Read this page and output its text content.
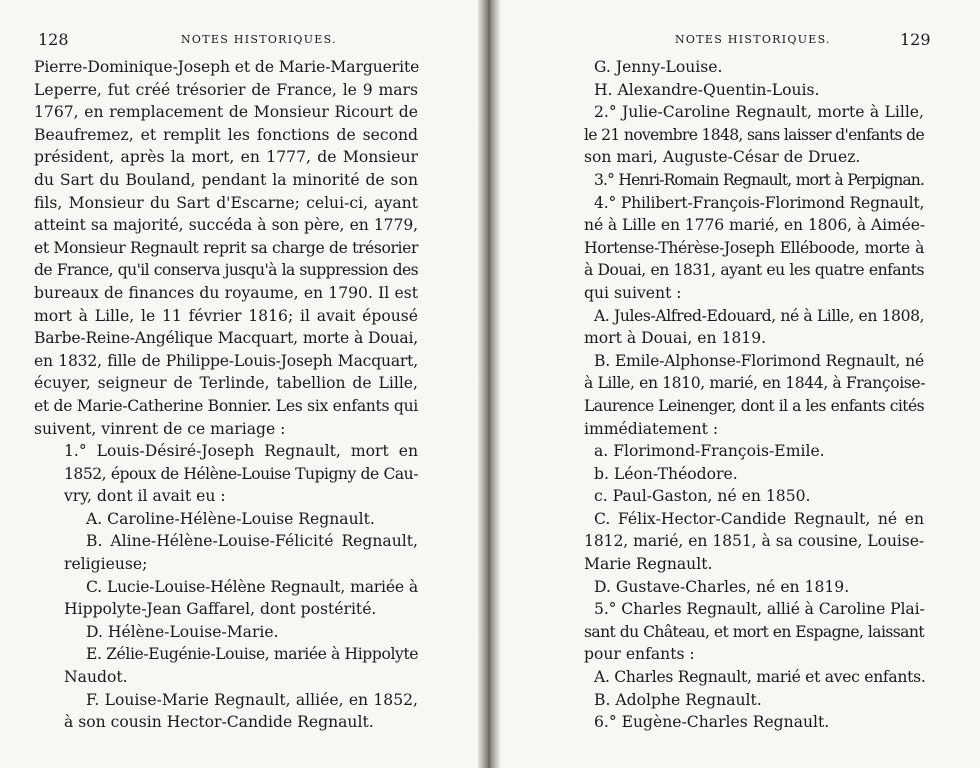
128	NOTES HISTORIQUES.
Pierre-Dominique-Joseph et de Marie-Marguerite
Leperre, fut créé trésorier de France, le 9 mars
1767, en remplacement de Monsieur Ricourt de
Beaufremez, et remplit les fonctions de second
président, après la mort, en 1777, de Monsieur
du Sart du Bouland, pendant la minorité de son
fils, Monsieur du Sart d'Escarne; celui-ci, ayant
atteint sa majorité, succéda à son père, en 1779,
et Monsieur Regnault reprit sa charge de trésorier
de France, qu'il conserva jusqu'à la suppression des
bureaux de finances du royaume, en 1790. Il est
mort à Lille, le 11 février 1816; il avait épousé
Barbe-Reine-Angélique Macquart, morte à Douai,
en 1832, fille de Philippe-Louis-Joseph Macquart,
écuyer, seigneur de Terlinde, tabellion de Lille,
et de Marie-Catherine Bonnier. Les six enfants qui
suivent, vinrent de ce mariage :
1.° Louis-Désiré-Joseph Regnault, mort en
1852, époux de Hélène-Louise Tupigny de Cau-
vry, dont il avait eu :
A. Caroline-Hélène-Louise Regnault.
B. Aline-Hélène-Louise-Félicité Regnault,
religieuse;
C. Lucie-Louise-Hélène Regnault, mariée à
Hippolyte-Jean Gaffarel, dont postérité.
D. Hélène-Louise-Marie.
E. Zélie-Eugénie-Louise, mariée à Hippolyte
Naudot.
F. Louise-Marie Regnault, alliée, en 1852,
à son cousin Hector-Candide Regnault.
NOTES HISTORIQUES.	129
G. Jenny-Louise.
H. Alexandre-Quentin-Louis.
2.° Julie-Caroline Regnault, morte à Lille,
le 21 novembre 1848, sans laisser d'enfants de
son mari, Auguste-César de Druez.
3.° Henri-Romain Regnault, mort à Perpignan.
4.° Philibert-François-Florimond Regnault,
né à Lille en 1776 marié, en 1806, à Aimée-
Hortense-Thérèse-Joseph Elléboode, morte à
à Douai, en 1831, ayant eu les quatre enfants
qui suivent :
A. Jules-Alfred-Edouard, né à Lille, en 1808,
mort à Douai, en 1819.
B. Emile-Alphonse-Florimond Regnault, né
à Lille, en 1810, marié, en 1844, à Françoise-
Laurence Leinenger, dont il a les enfants cités
immédiatement :
a. Florimond-François-Emile.
b. Léon-Théodore.
c. Paul-Gaston, né en 1850.
C. Félix-Hector-Candide Regnault, né en
1812, marié, en 1851, à sa cousine, Louise-
Marie Regnault.
D. Gustave-Charles, né en 1819.
5.° Charles Regnault, allié à Caroline Plai-
sant du Château, et mort en Espagne, laissant
pour enfants :
A. Charles Regnault, marié et avec enfants.
B. Adolphe Regnault.
6.° Eugène-Charles Regnault.
